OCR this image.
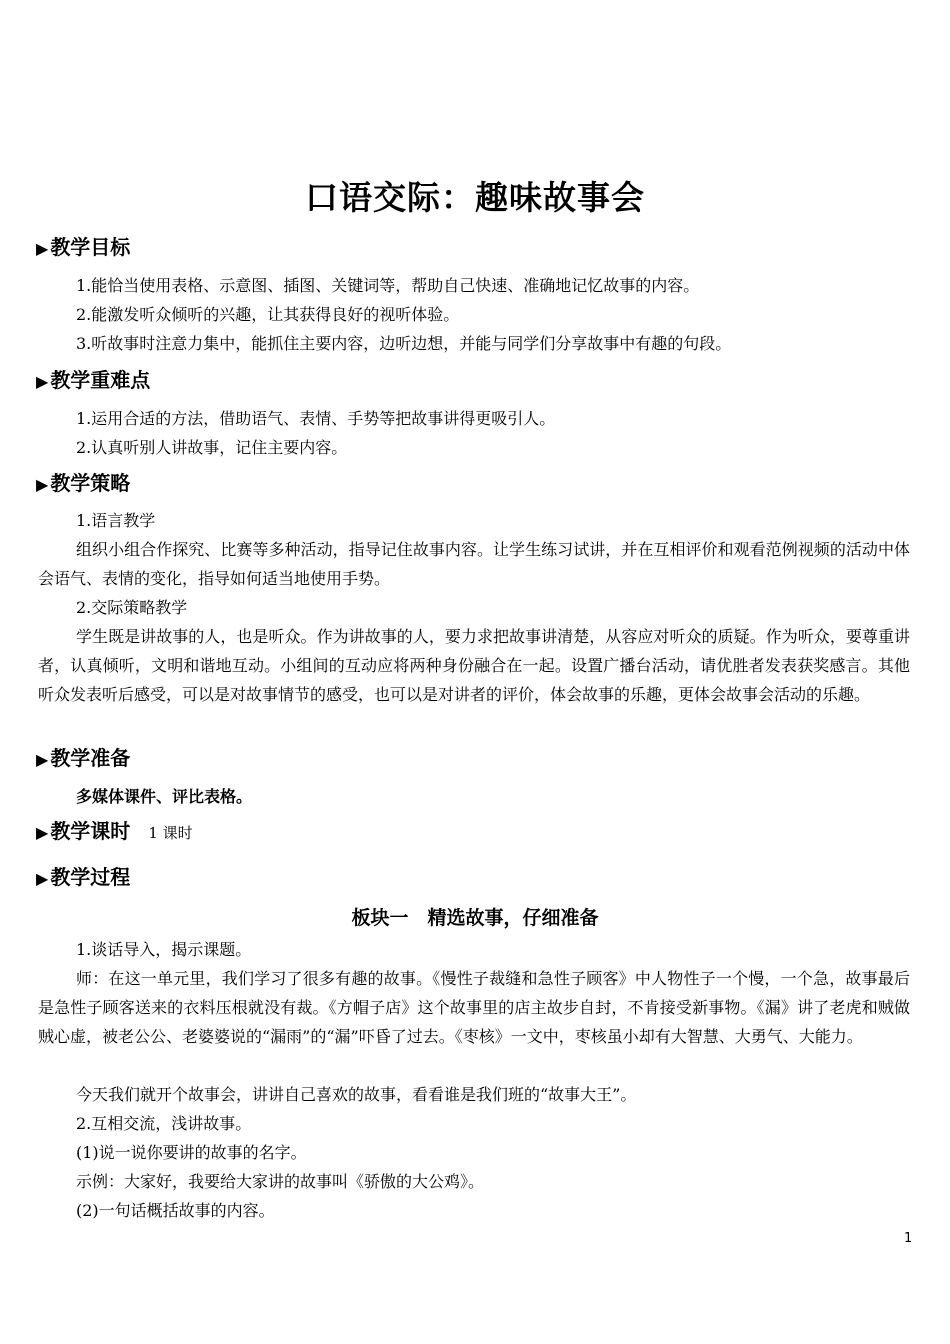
口语交际：趣味故事会
▶ 教学目标
1.能恰当使用表格、示意图、插图、关键词等，帮助自己快速、准确地记忆故事的内容。
2.能激发听众倾听的兴趣，让其获得良好的视听体验。
3.听故事时注意力集中，能抓住主要内容，边听边想，并能与同学们分享故事中有趣的句段。
▶ 教学重难点
1.运用合适的方法，借助语气、表情、手势等把故事讲得更吸引人。
2.认真听别人讲故事，记住主要内容。
▶ 教学策略
1.语言教学
组织小组合作探究、比赛等多种活动，指导记住故事内容。让学生练习试讲，并在互相评价和观看范例视频的活动中体会语气、表情的变化，指导如何适当地使用手势。
2.交际策略教学
学生既是讲故事的人，也是听众。作为讲故事的人，要力求把故事讲清楚，从容应对听众的质疑。作为听众，要尊重讲者，认真倾听，文明和谐地互动。小组间的互动应将两种身份融合在一起。设置广播台活动，请优胜者发表获奖感言。其他听众发表听后感受，可以是对故事情节的感受，也可以是对讲者的评价，体会故事的乐趣，更体会故事会活动的乐趣。
▶ 教学准备
多媒体课件、评比表格。
▶ 教学课时 1 课时
▶ 教学过程
板块一　精选故事，仔细准备
1.谈话导入，揭示课题。
师：在这一单元里，我们学习了很多有趣的故事。《慢性子裁缝和急性子顾客》中人物性子一个慢，一个急，故事最后是急性子顾客送来的衣料压根就没有裁。《方帽子店》这个故事里的店主故步自封，不肯接受新事物。《漏》讲了老虎和贼做贼心虚，被老公公、老婆婆说的“漏雨”的“漏”吓昏了过去。《枣核》一文中，枣核虽小却有大智慧、大勇气、大能力。
今天我们就开个故事会，讲讲自己喜欢的故事，看看谁是我们班的“故事大王”。
2.互相交流，浅讲故事。
(1)说一说你要讲的故事的名字。
示例：大家好，我要给大家讲的故事叫《骄傲的大公鸡》。
(2)一句话概括故事的内容。
1
